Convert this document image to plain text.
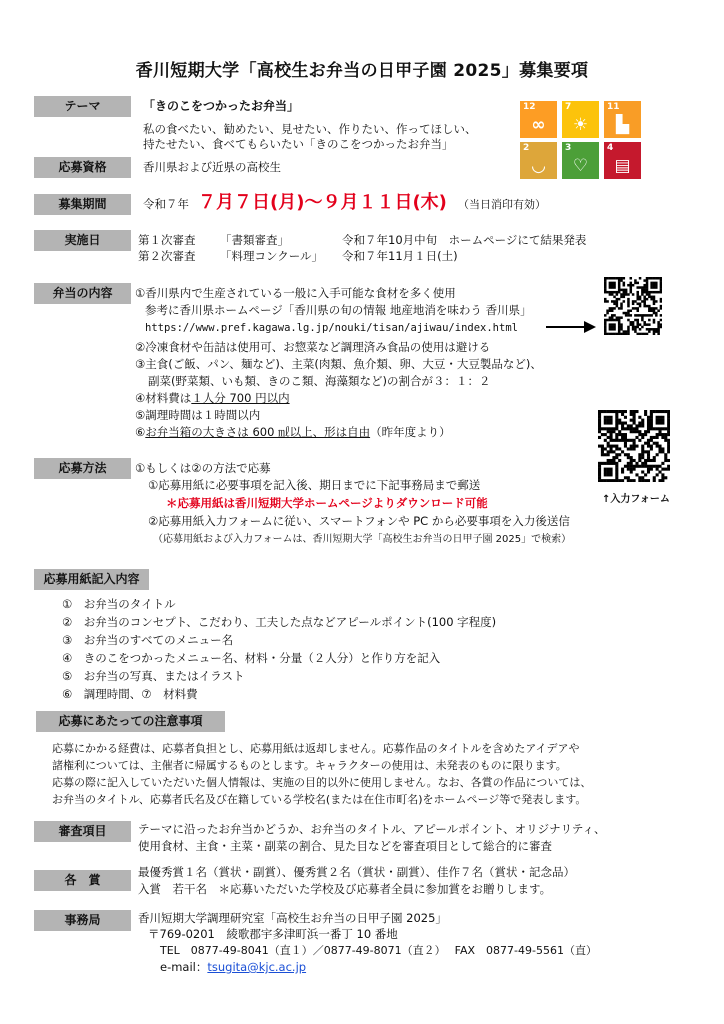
香川短期大学「高校生お弁当の日甲子園 2025」募集要項
テーマ	「きのこをつかったお弁当」
私の食べたい、勧めたい、見せたい、作りたい、作ってほしい、
持たせたい、食べてもらいたい「きのこをつかったお弁当」
12
∞
7
☀
11
▙
2
◡
3
♡
4
▤
応募資格	香川県および近県の高校生
募集期間	令和７年 ７月７日(月)～９月１１日(木) （当日消印有効）
実施日	第１次審査 「書類審査」	令和７年10月中旬　ホームページにて結果発表
第２次審査 「料理コンクール」 令和７年11月１日(土)
弁当の内容	①香川県内で生産されている一般に入手可能な食材を多く使用
参考に香川県ホームページ「香川県の旬の情報 地産地消を味わう 香川県」
https://www.pref.kagawa.lg.jp/nouki/tisan/ajiwau/index.html
②冷凍食材や缶詰は使用可、お惣菜など調理済み食品の使用は避ける
③主食(ご飯、パン、麺など)、主菜(肉類、魚介類、卵、大豆・大豆製品など)、
副菜(野菜類、いも類、きのこ類、海藻類など)の割合が３：１：２
④材料費は１人分 700 円以内
⑤調理時間は１時間以内
⑥お弁当箱の大きさは 600 ㎖以上、形は自由（昨年度より）
↑入力フォーム
応募方法	①もしくは②の方法で応募
①応募用紙に必要事項を記入後、期日までに下記事務局まで郵送
＊応募用紙は香川短期大学ホームページよりダウンロード可能
②応募用紙入力フォームに従い、スマートフォンや PC から必要事項を入力後送信
（応募用紙および入力フォームは、香川短期大学「高校生お弁当の日甲子園 2025」で検索）
応募用紙記入内容
①　お弁当のタイトル
②　お弁当のコンセプト、こだわり、工夫した点などアピールポイント(100 字程度)
③　お弁当のすべてのメニュー名
④　きのこをつかったメニュー名、材料・分量（２人分）と作り方を記入
⑤　お弁当の写真、またはイラスト
⑥　調理時間、⑦　材料費
応募にあたっての注意事項
応募にかかる経費は、応募者負担とし、応募用紙は返却しません。応募作品のタイトルを含めたアイデアや
諸権利については、主催者に帰属するものとします。キャラクターの使用は、未発表のものに限ります。
応募の際に記入していただいた個人情報は、実施の目的以外に使用しません。なお、各賞の作品については、
お弁当のタイトル、応募者氏名及び在籍している学校名(または在住市町名)をホームページ等で発表します。
審査項目	テーマに沿ったお弁当かどうか、お弁当のタイトル、アピールポイント、オリジナリティ、
使用食材、主食・主菜・副菜の割合、見た目などを審査項目として総合的に審査
各　賞
最優秀賞１名（賞状・副賞）、優秀賞２名（賞状・副賞）、佳作７名（賞状・記念品）
入賞　若干名　＊応募いただいた学校及び応募者全員に参加賞をお贈りします。
事務局	香川短期大学調理研究室「高校生お弁当の日甲子園 2025」
〒769-0201　綾歌郡宇多津町浜一番丁 10 番地
TEL　0877-49-8041（直１）／0877-49-8071（直２）　 FAX　0877-49-5561（直）
e-mail：tsugita@kjc.ac.jp
